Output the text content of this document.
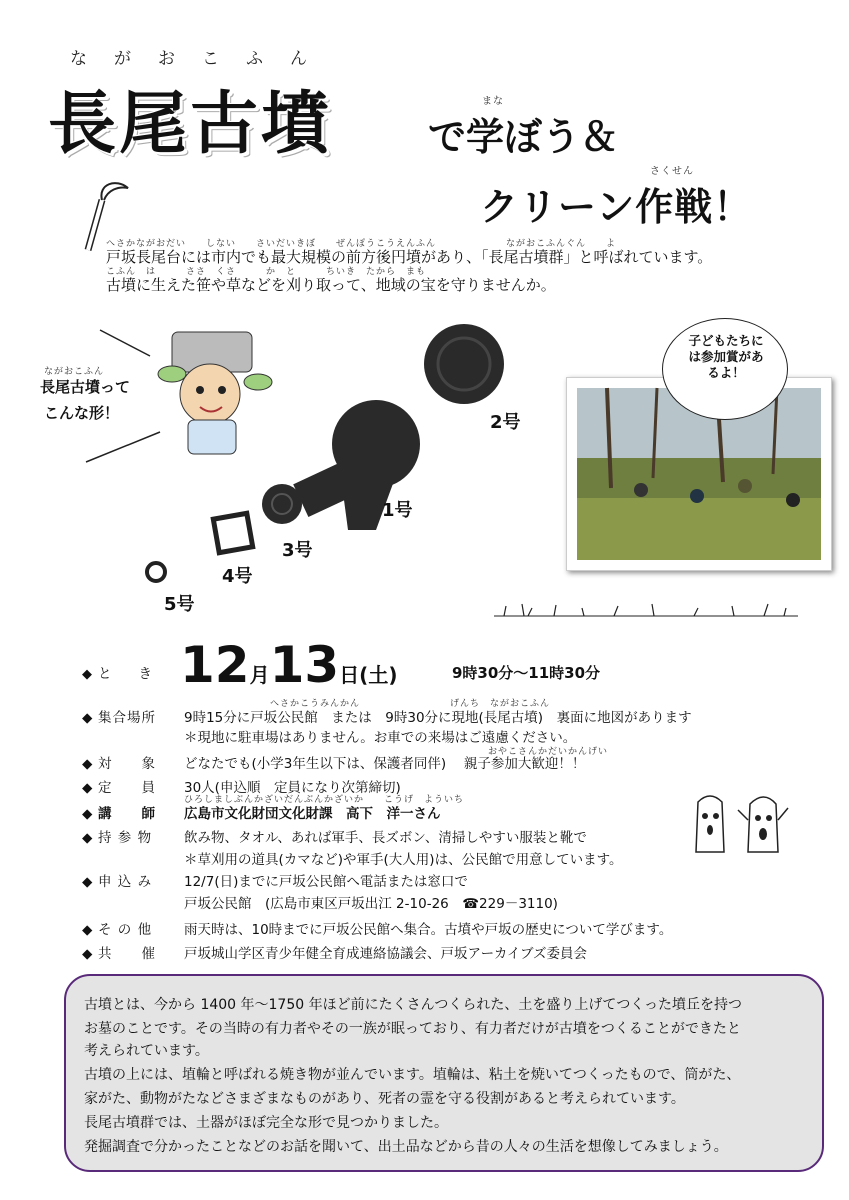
ながおこふん
長尾古墳	まな
で学ぼう＆
さくせん
クリーン作戦！
へさかながおだい　　しない　　さいだいきぼ　　ぜんぽうこうえんふん　　　　　　　ながおこふんぐん　　よ
戸坂長尾台には市内でも最大規模の前方後円墳があり、「長尾古墳群」と呼ばれています。
こふん　は　　　ささ　くさ　　　か　と　　　ちいき　たから　まも
古墳に生えた笹や草などを刈り取って、地域の宝を守りませんか。
ながおこふん
長尾古墳って
こんな形！	2号
1号
3号
4号
5号
子どもたちには参加賞があるよ！
◆ と　　き 12月13日(土)	9時30分～11時30分
へさかこうみんかん　　　　　　　　　げんち　ながおこふん
◆ 集合場所 9時15分に戸坂公民館　または　9時30分に現地(長尾古墳)　裏面に地図があります
＊現地に駐車場はありません。お車での来場はご遠慮ください。
おやこさんかだいかんげい
◆ 対　　象 どなたでも(小学3年生以下は、保護者同伴)　 親子参加大歓迎！！
◆ 定　　員 30人(申込順　定員になり次第締切)
ひろしましぶんかざいだんぶんかざいか　　こうげ　よういち
◆ 講　　師 広島市文化財団文化財課　高下　洋一さん
◆ 持 参 物 飲み物、タオル、あれば軍手、長ズボン、清掃しやすい服装と靴で
＊草刈用の道具(カマなど)や軍手(大人用)は、公民館で用意しています。
◆ 申 込 み 12/7(日)までに戸坂公民館へ電話または窓口で
戸坂公民館　(広島市東区戸坂出江 2-10-26　☎229－3110)
◆ そ の 他 雨天時は、10時までに戸坂公民館へ集合。古墳や戸坂の歴史について学びます。
◆ 共　　催 戸坂城山学区青少年健全育成連絡協議会、戸坂アーカイブズ委員会
古墳とは、今から 1400 年～1750 年ほど前にたくさんつくられた、土を盛り上げてつくった墳丘を持つ
お墓のことです。その当時の有力者やその一族が眠っており、有力者だけが古墳をつくることができたと
考えられています。
古墳の上には、埴輪と呼ばれる焼き物が並んでいます。埴輪は、粘土を焼いてつくったもので、筒がた、
家がた、動物がたなどさまざまなものがあり、死者の霊を守る役割があると考えられています。
長尾古墳群では、土器がほぼ完全な形で見つかりました。
発掘調査で分かったことなどのお話を聞いて、出土品などから昔の人々の生活を想像してみましょう。
